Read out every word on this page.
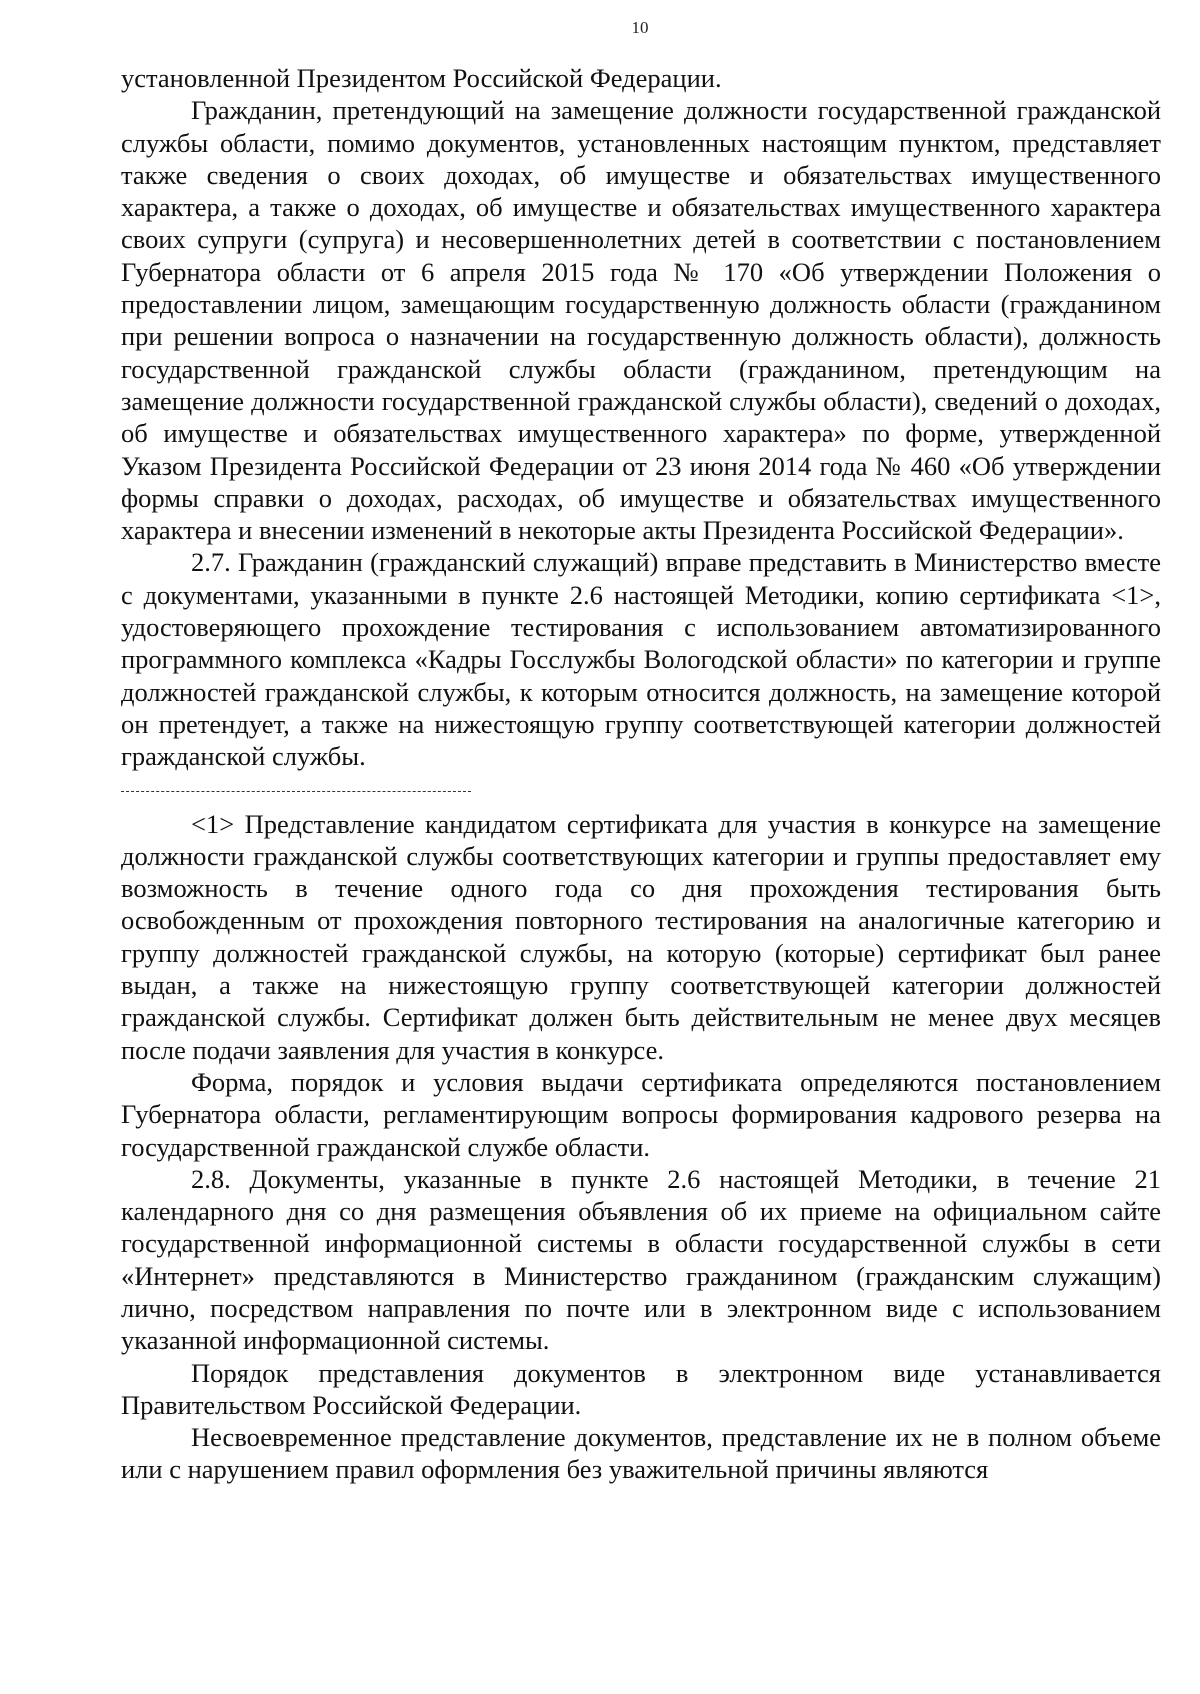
10

установленной Президентом Российской Федерации.

Гражданин, претендующий на замещение должности государственной гражданской службы области, помимо документов, установленных настоящим пунктом, представляет также сведения о своих доходах, об имуществе и обязательствах имущественного характера, а также о доходах, об имуществе и обязательствах имущественного характера своих супруги (супруга) и несовершеннолетних детей в соответствии с постановлением Губернатора области от 6 апреля 2015 года № 170 «Об утверждении Положения о предоставлении лицом, замещающим государственную должность области (гражданином при решении вопроса о назначении на государственную должность области), должность государственной гражданской службы области (гражданином, претендующим на замещение должности государственной гражданской службы области), сведений о доходах, об имуществе и обязательствах имущественного характера» по форме, утвержденной Указом Президента Российской Федерации от 23 июня 2014 года № 460 «Об утверждении формы справки о доходах, расходах, об имуществе и обязательствах имущественного характера и внесении изменений в некоторые акты Президента Российской Федерации».

2.7. Гражданин (гражданский служащий) вправе представить в Министерство вместе с документами, указанными в пункте 2.6 настоящей Методики, копию сертификата <1>, удостоверяющего прохождение тестирования с использованием автоматизированного программного комплекса «Кадры Госслужбы Вологодской области» по категории и группе должностей гражданской службы, к которым относится должность, на замещение которой он претендует, а также на нижестоящую группу соответствующей категории должностей гражданской службы.

<1> Представление кандидатом сертификата для участия в конкурсе на замещение должности гражданской службы соответствующих категории и группы предоставляет ему возможность в течение одного года со дня прохождения тестирования быть освобожденным от прохождения повторного тестирования на аналогичные категорию и группу должностей гражданской службы, на которую (которые) сертификат был ранее выдан, а также на нижестоящую группу соответствующей категории должностей гражданской службы. Сертификат должен быть действительным не менее двух месяцев после подачи заявления для участия в конкурсе.

Форма, порядок и условия выдачи сертификата определяются постановлением Губернатора области, регламентирующим вопросы формирования кадрового резерва на государственной гражданской службе области.

2.8. Документы, указанные в пункте 2.6 настоящей Методики, в течение 21 календарного дня со дня размещения объявления об их приеме на официальном сайте государственной информационной системы в области государственной службы в сети «Интернет» представляются в Министерство гражданином (гражданским служащим) лично, посредством направления по почте или в электронном виде с использованием указанной информационной системы.

Порядок представления документов в электронном виде устанавливается Правительством Российской Федерации.

Несвоевременное представление документов, представление их не в полном объеме или с нарушением правил оформления без уважительной причины являются
